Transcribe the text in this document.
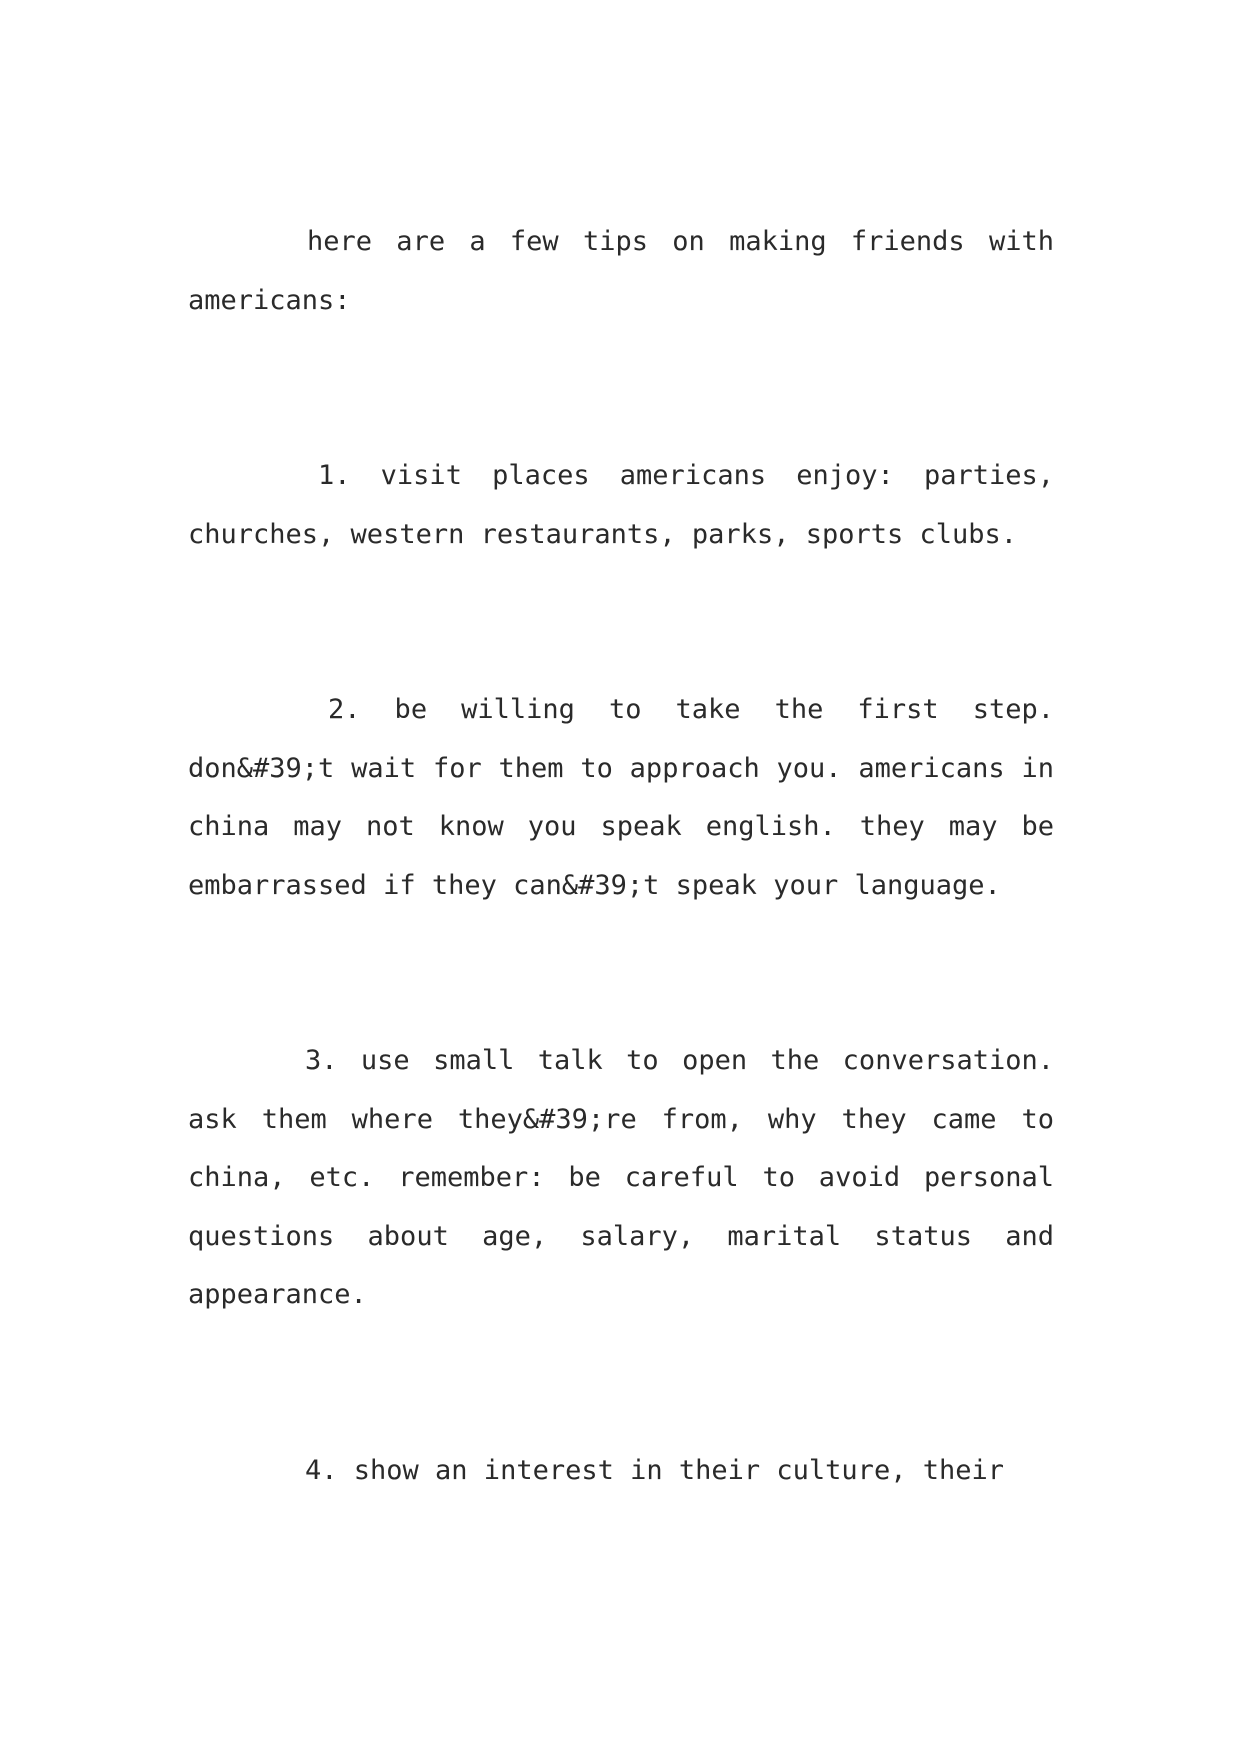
here are a few tips on making friends with americans:

1. visit places americans enjoy: parties, churches, western restaurants, parks, sports clubs.

2. be willing to take the first step. don&#39;t wait for them to approach you. americans in china may not know you speak english. they may be embarrassed if they can&#39;t speak your language.

3. use small talk to open the conversation. ask them where they&#39;re from, why they came to china, etc. remember: be careful to avoid personal questions about age, salary, marital status and appearance.

4. show an interest in their culture, their
